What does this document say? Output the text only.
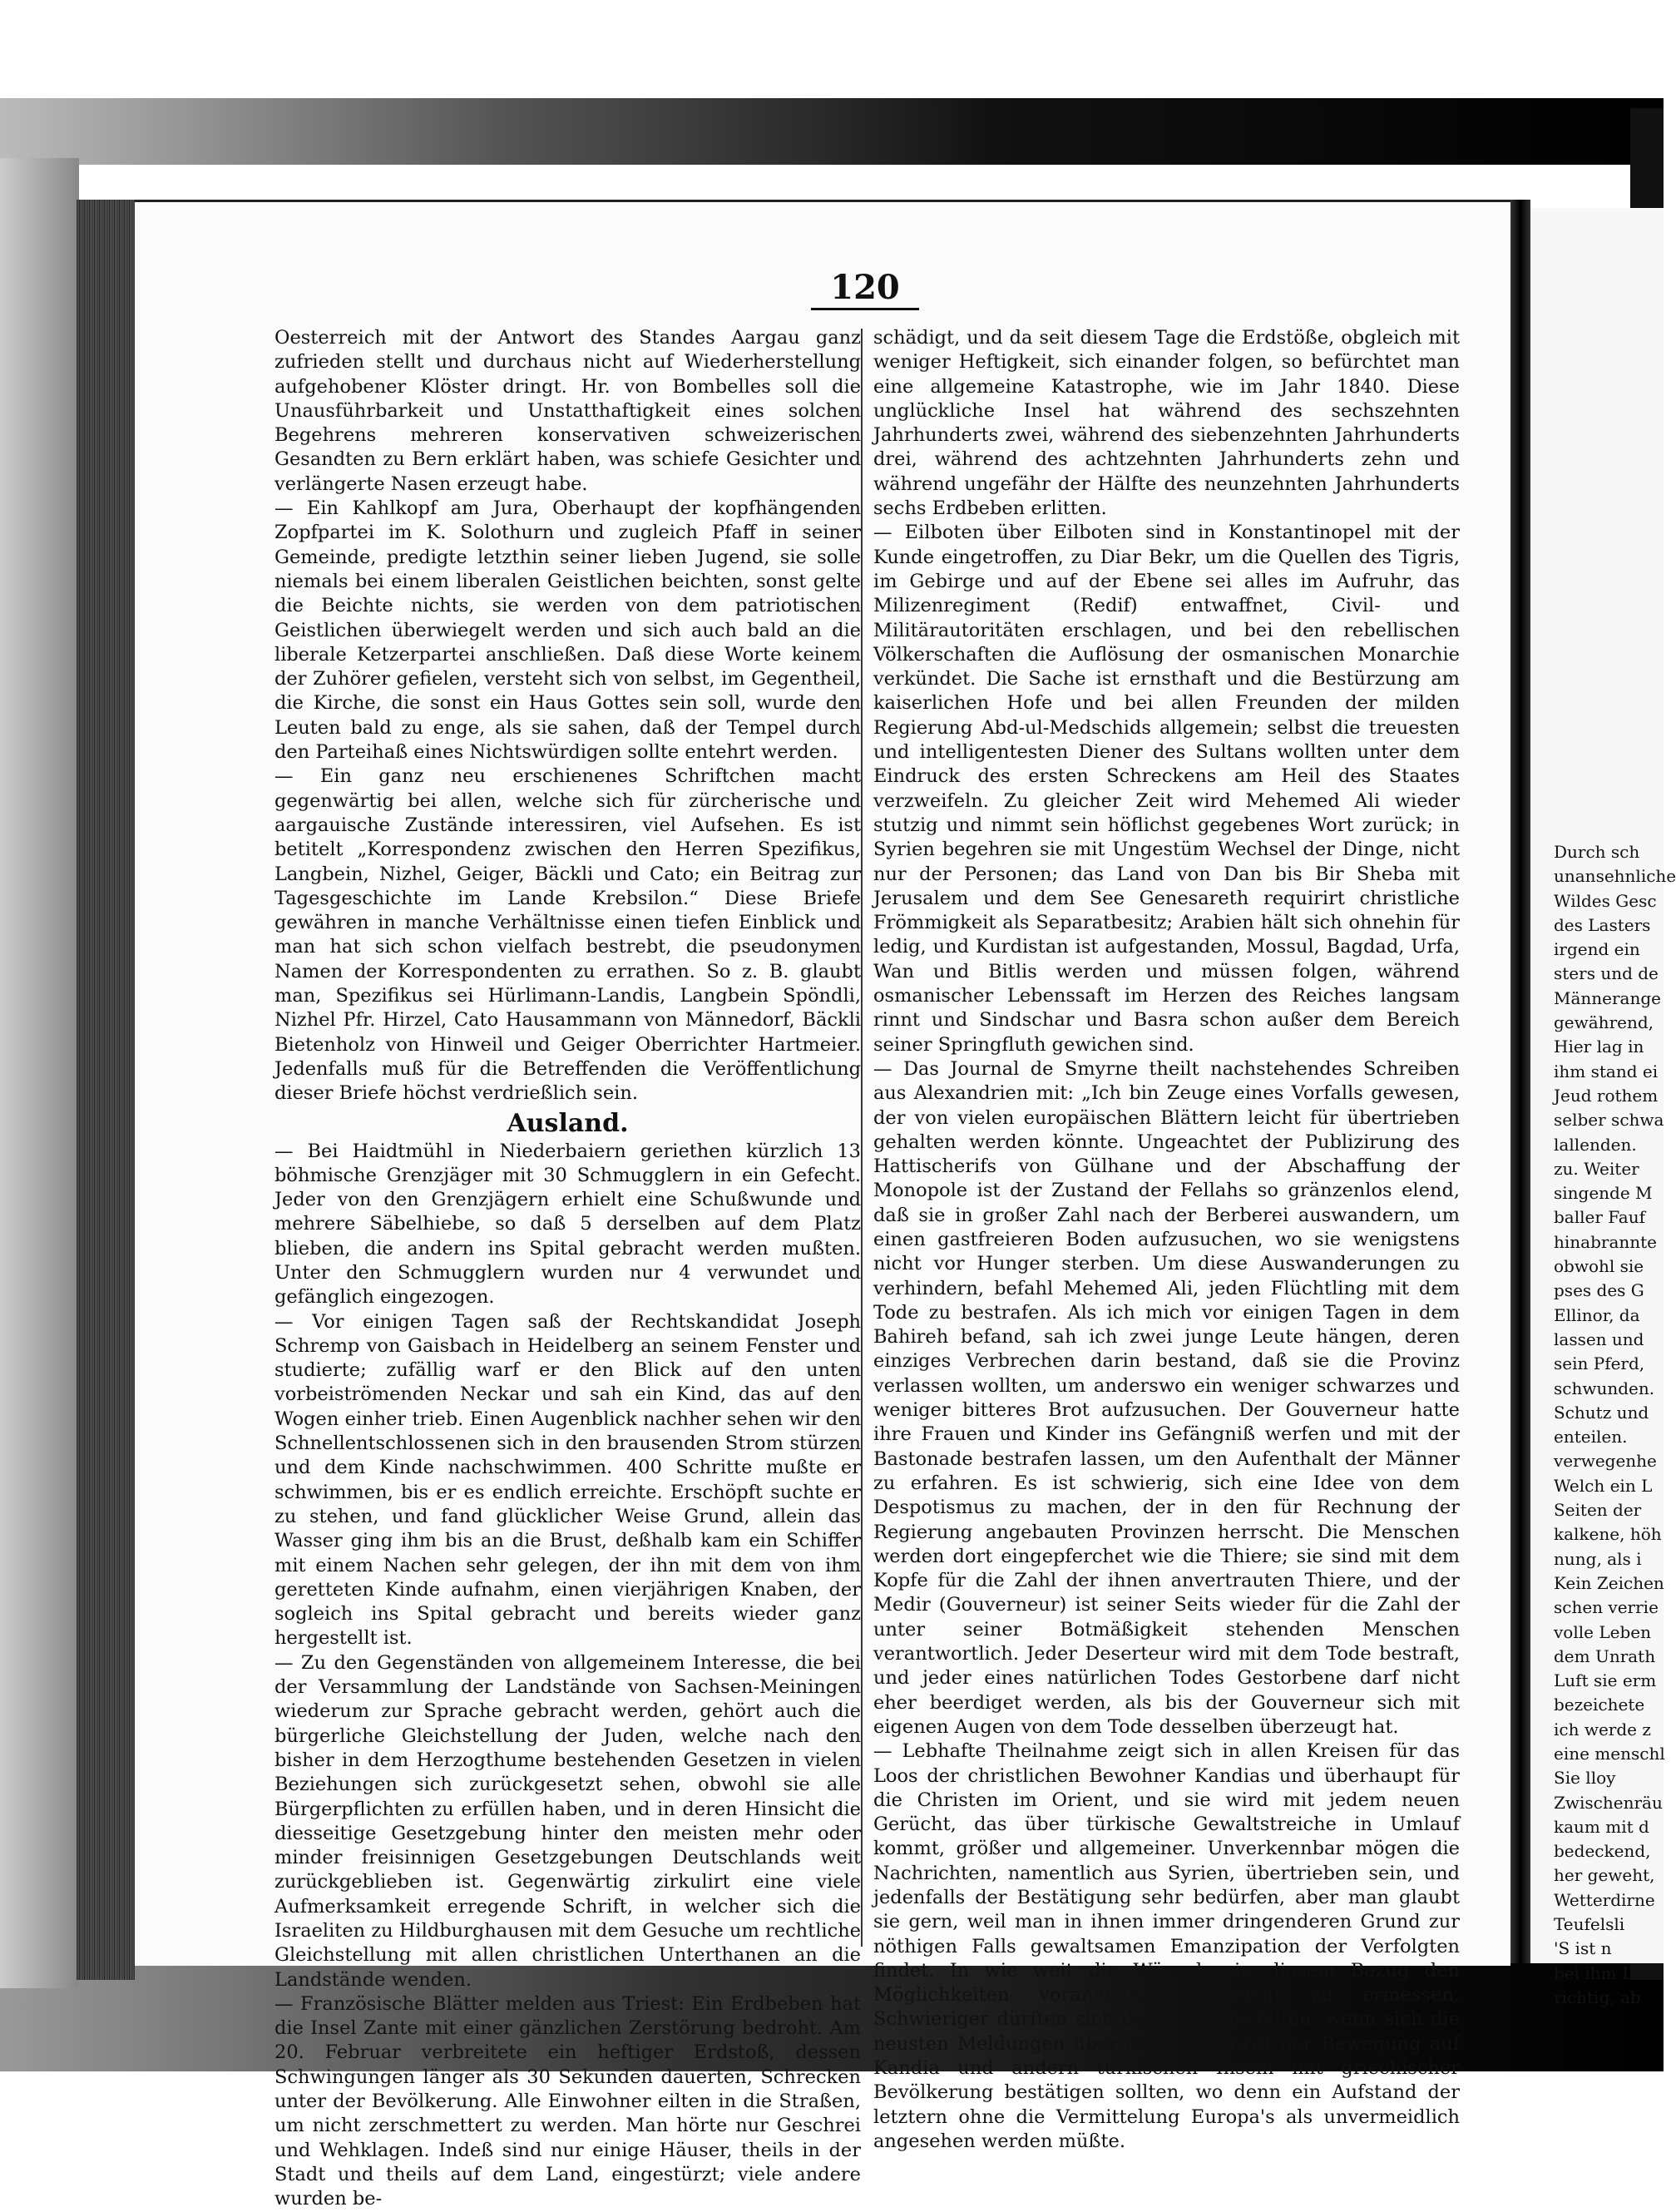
120

Oesterreich mit der Antwort des Standes Aargau ganz zufrieden stellt und durchaus nicht auf Wiederherstellung aufgehobener Klöster dringt. Hr. von Bombelles soll die Unausführbarkeit und Unstatthaftigkeit eines solchen Begehrens mehreren konservativen schweizerischen Gesandten zu Bern erklärt haben, was schiefe Gesichter und verlängerte Nasen erzeugt habe.

— Ein Kahlkopf am Jura, Oberhaupt der kopfhängenden Zopfpartei im K. Solothurn und zugleich Pfaff in seiner Gemeinde, predigte letzthin seiner lieben Jugend, sie solle niemals bei einem liberalen Geistlichen beichten, sonst gelte die Beichte nichts, sie werden von dem patriotischen Geistlichen überwiegelt werden und sich auch bald an die liberale Ketzerpartei anschließen. Daß diese Worte keinem der Zuhörer gefielen, versteht sich von selbst, im Gegentheil, die Kirche, die sonst ein Haus Gottes sein soll, wurde den Leuten bald zu enge, als sie sahen, daß der Tempel durch den Parteihaß eines Nichtswürdigen sollte entehrt werden.

— Ein ganz neu erschienenes Schriftchen macht gegenwärtig bei allen, welche sich für zürcherische und aargauische Zustände interessiren, viel Aufsehen. Es ist betitelt „Korrespondenz zwischen den Herren Spezifikus, Langbein, Nizhel, Geiger, Bäckli und Cato; ein Beitrag zur Tagesgeschichte im Lande Krebsilon.“ Diese Briefe gewähren in manche Verhältnisse einen tiefen Einblick und man hat sich schon vielfach bestrebt, die pseudonymen Namen der Korrespondenten zu errathen. So z. B. glaubt man, Spezifikus sei Hürlimann-Landis, Langbein Spöndli, Nizhel Pfr. Hirzel, Cato Hausammann von Männedorf, Bäckli Bietenholz von Hinweil und Geiger Oberrichter Hartmeier. Jedenfalls muß für die Betreffenden die Veröffentlichung dieser Briefe höchst verdrießlich sein.

Ausland.

— Bei Haidtmühl in Niederbaiern geriethen kürzlich 13 böhmische Grenzjäger mit 30 Schmugglern in ein Gefecht. Jeder von den Grenzjägern erhielt eine Schußwunde und mehrere Säbelhiebe, so daß 5 derselben auf dem Platz blieben, die andern ins Spital gebracht werden mußten. Unter den Schmugglern wurden nur 4 verwundet und gefänglich eingezogen.

— Vor einigen Tagen saß der Rechtskandidat Joseph Schremp von Gaisbach in Heidelberg an seinem Fenster und studierte; zufällig warf er den Blick auf den unten vorbeiströmenden Neckar und sah ein Kind, das auf den Wogen einher trieb. Einen Augenblick nachher sehen wir den Schnellentschlossenen sich in den brausenden Strom stürzen und dem Kinde nachschwimmen. 400 Schritte mußte er schwimmen, bis er es endlich erreichte. Erschöpft suchte er zu stehen, und fand glücklicher Weise Grund, allein das Wasser ging ihm bis an die Brust, deßhalb kam ein Schiffer mit einem Nachen sehr gelegen, der ihn mit dem von ihm geretteten Kinde aufnahm, einen vierjährigen Knaben, der sogleich ins Spital gebracht und bereits wieder ganz hergestellt ist.

— Zu den Gegenständen von allgemeinem Interesse, die bei der Versammlung der Landstände von Sachsen-Meiningen wiederum zur Sprache gebracht werden, gehört auch die bürgerliche Gleichstellung der Juden, welche nach den bisher in dem Herzogthume bestehenden Gesetzen in vielen Beziehungen sich zurückgesetzt sehen, obwohl sie alle Bürgerpflichten zu erfüllen haben, und in deren Hinsicht die diesseitige Gesetzgebung hinter den meisten mehr oder minder freisinnigen Gesetzgebungen Deutschlands weit zurückgeblieben ist. Gegenwärtig zirkulirt eine viele Aufmerksamkeit erregende Schrift, in welcher sich die Israeliten zu Hildburghausen mit dem Gesuche um rechtliche Gleichstellung mit allen christlichen Unterthanen an die Landstände wenden.

— Französische Blätter melden aus Triest: Ein Erdbeben hat die Insel Zante mit einer gänzlichen Zerstörung bedroht. Am 20. Februar verbreitete ein heftiger Erdstoß, dessen Schwingungen länger als 30 Sekunden dauerten, Schrecken unter der Bevölkerung. Alle Einwohner eilten in die Straßen, um nicht zerschmettert zu werden. Man hörte nur Geschrei und Wehklagen. Indeß sind nur einige Häuser, theils in der Stadt und theils auf dem Land, eingestürzt; viele andere wurden be-

schädigt, und da seit diesem Tage die Erdstöße, obgleich mit weniger Heftigkeit, sich einander folgen, so befürchtet man eine allgemeine Katastrophe, wie im Jahr 1840. Diese unglückliche Insel hat während des sechszehnten Jahrhunderts zwei, während des siebenzehnten Jahrhunderts drei, während des achtzehnten Jahrhunderts zehn und während ungefähr der Hälfte des neunzehnten Jahrhunderts sechs Erdbeben erlitten.

— Eilboten über Eilboten sind in Konstantinopel mit der Kunde eingetroffen, zu Diar Bekr, um die Quellen des Tigris, im Gebirge und auf der Ebene sei alles im Aufruhr, das Milizenregiment (Redif) entwaffnet, Civil- und Militärautoritäten erschlagen, und bei den rebellischen Völkerschaften die Auflösung der osmanischen Monarchie verkündet. Die Sache ist ernsthaft und die Bestürzung am kaiserlichen Hofe und bei allen Freunden der milden Regierung Abd-ul-Medschids allgemein; selbst die treuesten und intelligentesten Diener des Sultans wollten unter dem Eindruck des ersten Schreckens am Heil des Staates verzweifeln. Zu gleicher Zeit wird Mehemed Ali wieder stutzig und nimmt sein höflichst gegebenes Wort zurück; in Syrien begehren sie mit Ungestüm Wechsel der Dinge, nicht nur der Personen; das Land von Dan bis Bir Sheba mit Jerusalem und dem See Genesareth requirirt christliche Frömmigkeit als Separatbesitz; Arabien hält sich ohnehin für ledig, und Kurdistan ist aufgestanden, Mossul, Bagdad, Urfa, Wan und Bitlis werden und müssen folgen, während osmanischer Lebenssaft im Herzen des Reiches langsam rinnt und Sindschar und Basra schon außer dem Bereich seiner Springfluth gewichen sind.

— Das Journal de Smyrne theilt nachstehendes Schreiben aus Alexandrien mit: „Ich bin Zeuge eines Vorfalls gewesen, der von vielen europäischen Blättern leicht für übertrieben gehalten werden könnte. Ungeachtet der Publizirung des Hattischerifs von Gülhane und der Abschaffung der Monopole ist der Zustand der Fellahs so gränzenlos elend, daß sie in großer Zahl nach der Berberei auswandern, um einen gastfreieren Boden aufzusuchen, wo sie wenigstens nicht vor Hunger sterben. Um diese Auswanderungen zu verhindern, befahl Mehemed Ali, jeden Flüchtling mit dem Tode zu bestrafen. Als ich mich vor einigen Tagen in dem Bahireh befand, sah ich zwei junge Leute hängen, deren einziges Verbrechen darin bestand, daß sie die Provinz verlassen wollten, um anderswo ein weniger schwarzes und weniger bitteres Brot aufzusuchen. Der Gouverneur hatte ihre Frauen und Kinder ins Gefängniß werfen und mit der Bastonade bestrafen lassen, um den Aufenthalt der Männer zu erfahren. Es ist schwierig, sich eine Idee von dem Despotismus zu machen, der in den für Rechnung der Regierung angebauten Provinzen herrscht. Die Menschen werden dort eingepferchet wie die Thiere; sie sind mit dem Kopfe für die Zahl der ihnen anvertrauten Thiere, und der Medir (Gouverneur) ist seiner Seits wieder für die Zahl der unter seiner Botmäßigkeit stehenden Menschen verantwortlich. Jeder Deserteur wird mit dem Tode bestraft, und jeder eines natürlichen Todes Gestorbene darf nicht eher beerdiget werden, als bis der Gouverneur sich mit eigenen Augen von dem Tode desselben überzeugt hat.

— Lebhafte Theilnahme zeigt sich in allen Kreisen für das Loos der christlichen Bewohner Kandias und überhaupt für die Christen im Orient, und sie wird mit jedem neuen Gerücht, das über türkische Gewaltstreiche in Umlauf kommt, größer und allgemeiner. Unverkennbar mögen die Nachrichten, namentlich aus Syrien, übertrieben sein, und jedenfalls der Bestätigung sehr bedürfen, aber man glaubt sie gern, weil man in ihnen immer dringenderen Grund zur nöthigen Falls gewaltsamen Emanzipation der Verfolgten findet. In wie weit die Wünsche in diesem Bezug den Möglichkeiten voraneilen, ist leicht zu ermessen. Schwieriger dürften sich die Dinge gestalten, wenn sich die neusten Meldungen über den Fortschritt der Bewegung auf Kandia und andern türkischen Inseln mit griechischer Bevölkerung bestätigen sollten, wo denn ein Aufstand der letztern ohne die Vermittelung Europa's als unvermeidlich angesehen werden müßte.

Durch sch
unansehnliche
Wildes Gesc
des Lasters
irgend ein
sters und de
Männerange
gewährend,
Hier lag in
ihm stand ei
Jeud rothem
selber schwa
lallenden.
zu. Weiter
singende M
baller Fauf
hinabrannte
obwohl sie
pses des G
Ellinor, da
lassen und
sein Pferd,
schwunden.
Schutz und
enteilen.
verwegenhe
Welch ein L
Seiten der
kalkene, höh
nung, als i
Kein Zeichen
schen verrie
volle Leben
dem Unrath
Luft sie erm
bezeichete
ich werde z
eine menschl
Sie lloy
Zwischenräu
kaum mit d
bedeckend,
her geweht,
Wetterdirne
Teufelsli
'S ist n
bei ihm La
richtig, ab
